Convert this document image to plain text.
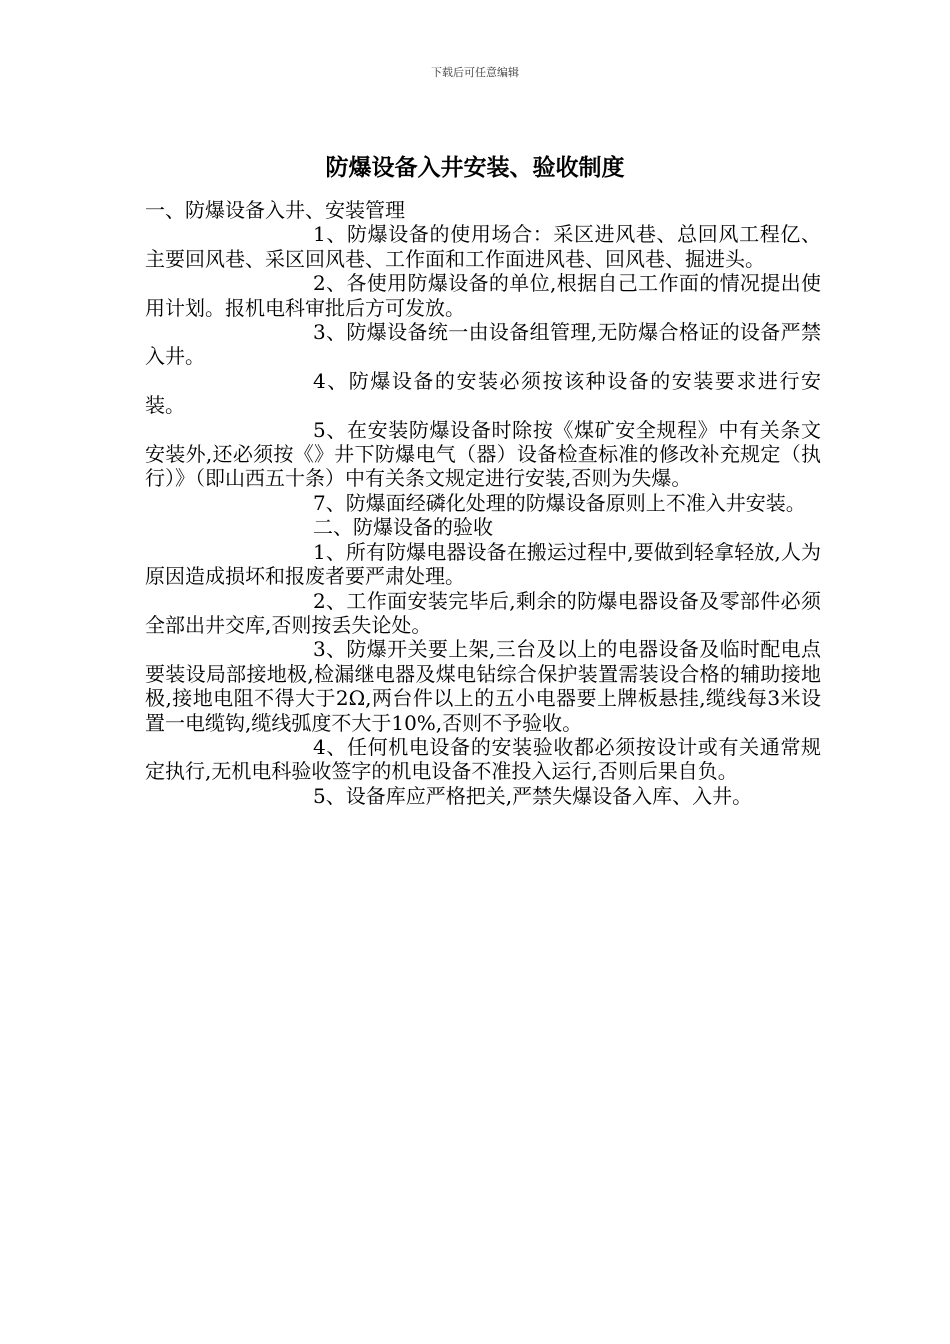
下载后可任意编辑
防爆设备入井安装、验收制度

一、防爆设备入井、安装管理

1、防爆设备的使用场合：采区进风巷、总回风工程亿、主要回风巷、采区回风巷、工作面和工作面进风巷、回风巷、掘进头。

2、各使用防爆设备的单位,根据自己工作面的情况提出使用计划。报机电科审批后方可发放。

3、防爆设备统一由设备组管理,无防爆合格证的设备严禁入井。

4、防爆设备的安装必须按该种设备的安装要求进行安装。

5、在安装防爆设备时除按《煤矿安全规程》中有关条文安装外,还必须按《》井下防爆电气（器）设备检查标准的修改补充规定（执行）》（即山西五十条）中有关条文规定进行安装,否则为失爆。

7、防爆面经磷化处理的防爆设备原则上不准入井安装。

二、防爆设备的验收

1、所有防爆电器设备在搬运过程中,要做到轻拿轻放,人为原因造成损坏和报废者要严肃处理。

2、工作面安装完毕后,剩余的防爆电器设备及零部件必须全部出井交库,否则按丢失论处。

3、防爆开关要上架,三台及以上的电器设备及临时配电点要装设局部接地极,检漏继电器及煤电钻综合保护装置需装设合格的辅助接地极,接地电阻不得大于2Ω,两台件以上的五小电器要上牌板悬挂,缆线每3米设置一电缆钩,缆线弧度不大于10%,否则不予验收。

4、任何机电设备的安装验收都必须按设计或有关通常规定执行,无机电科验收签字的机电设备不准投入运行,否则后果自负。

5、设备库应严格把关,严禁失爆设备入库、入井。
